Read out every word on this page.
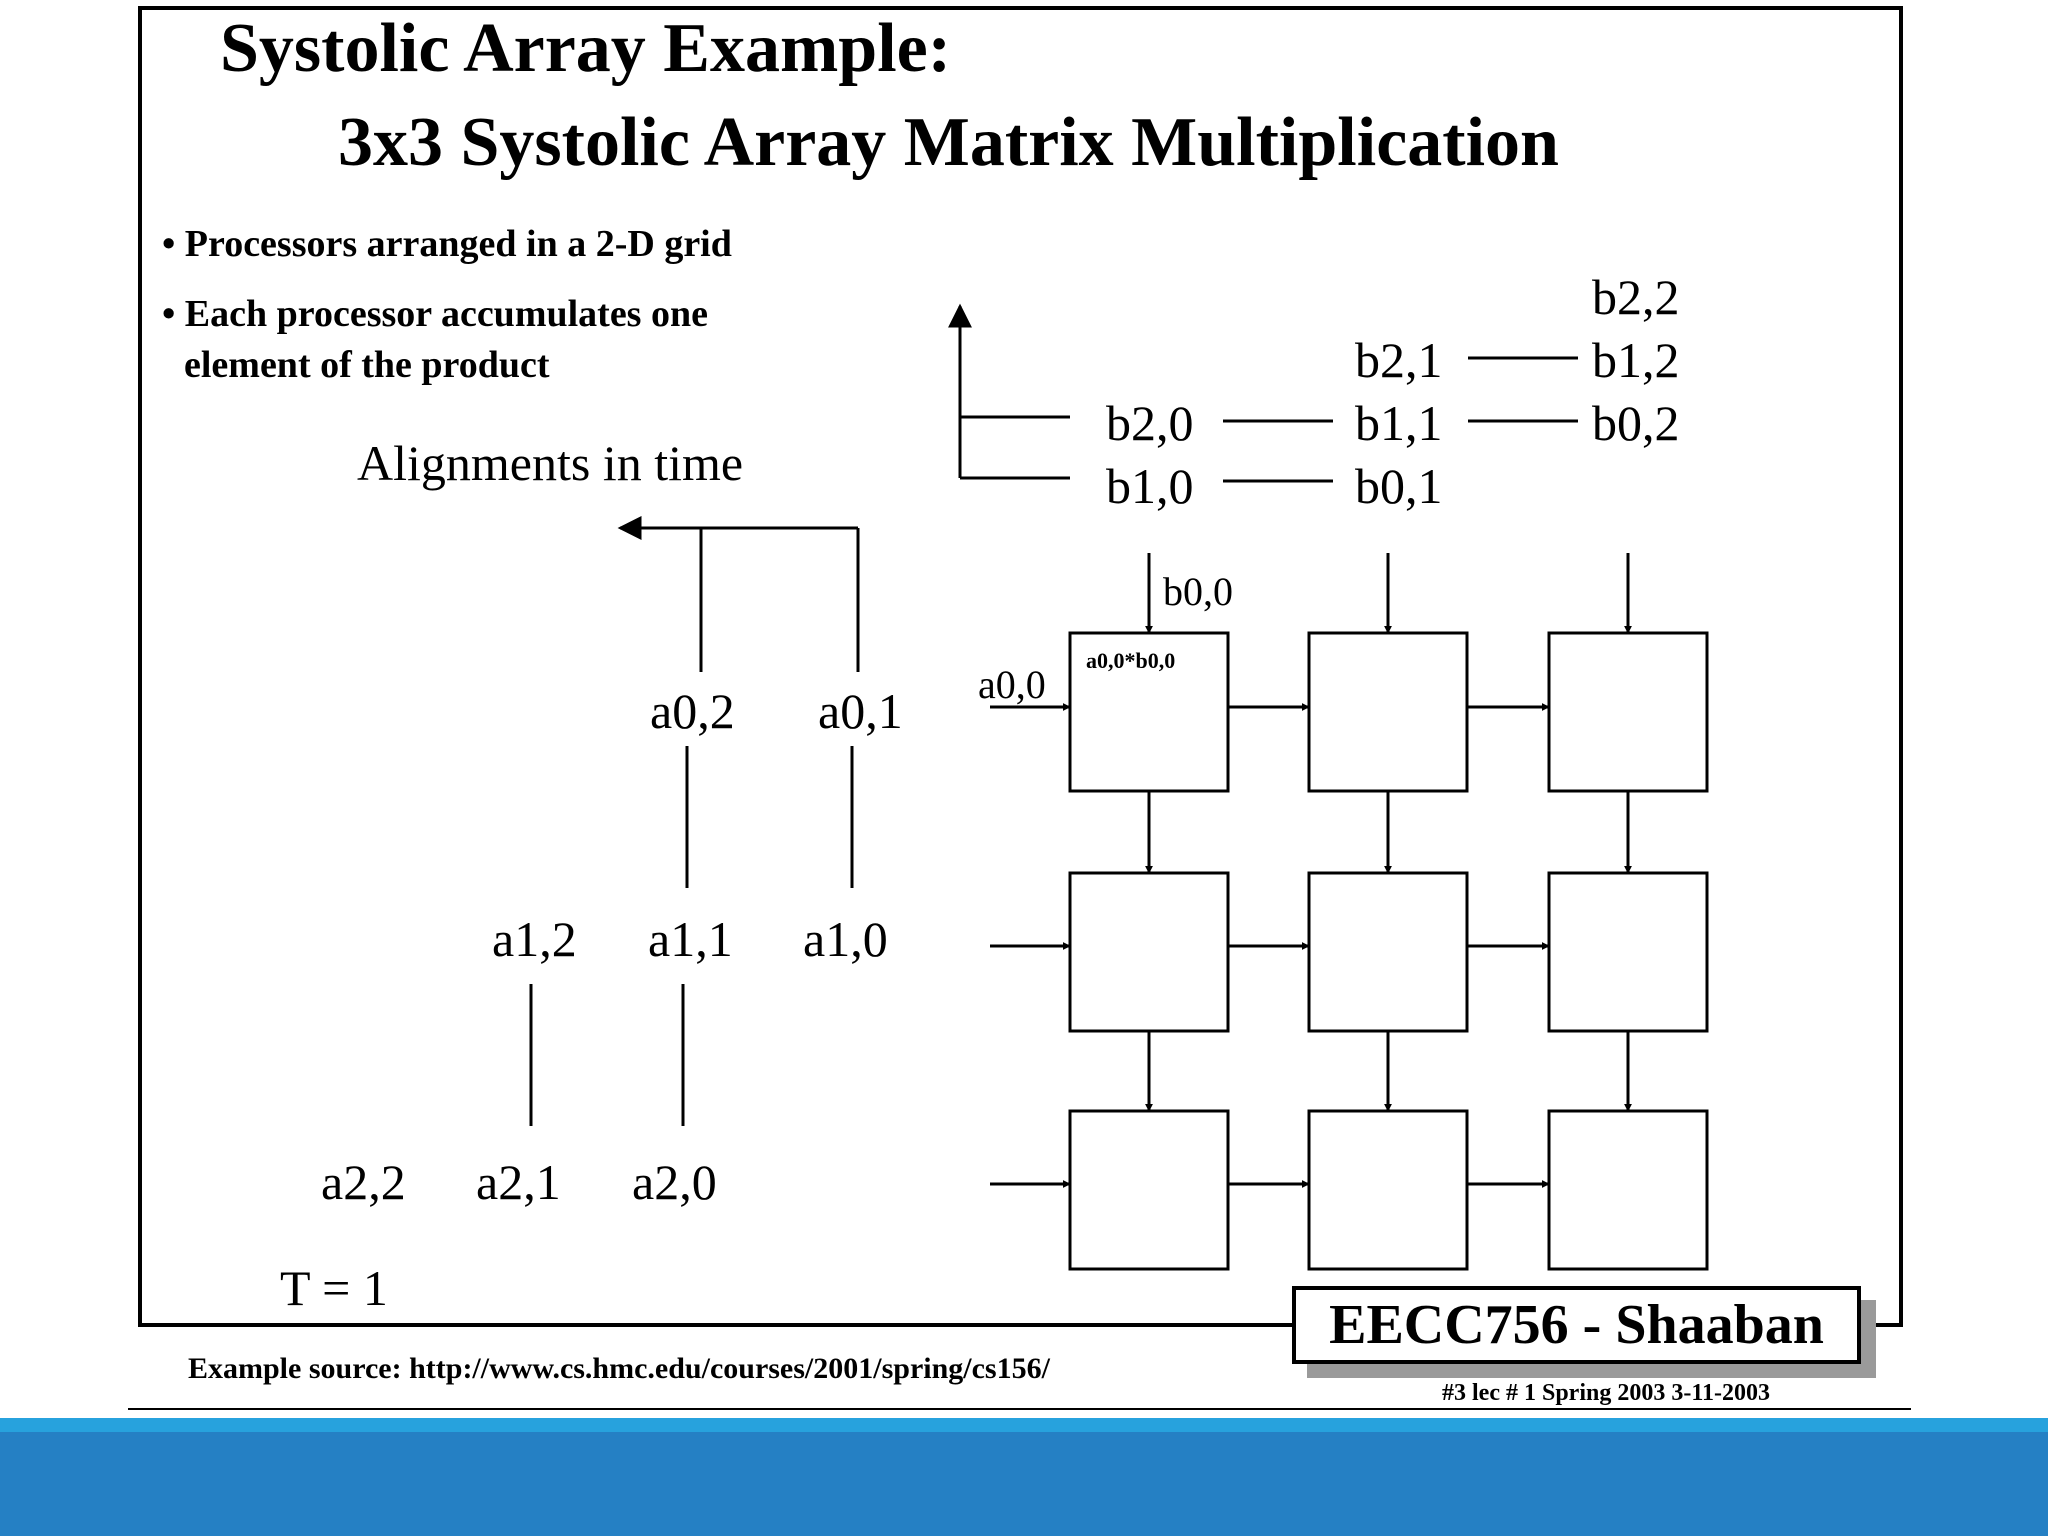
Systolic Array Example:
3x3 Systolic Array Matrix Multiplication
• Processors arranged in a 2-D grid
• Each processor accumulates one
element of the product
Alignments in time
b2,2
b2,1	b1,2
b2,0	b1,1	b0,2
b1,0	b0,1
b0,0
a0,2 a0,1
a1,2 a1,1 a1,0
a2,2 a2,1 a2,0
a0,0
a0,0*b0,0
T = 1
EECC756 - Shaaban
Example source: http://www.cs.hmc.edu/courses/2001/spring/cs156/
#3 lec # 1 Spring 2003 3-11-2003
